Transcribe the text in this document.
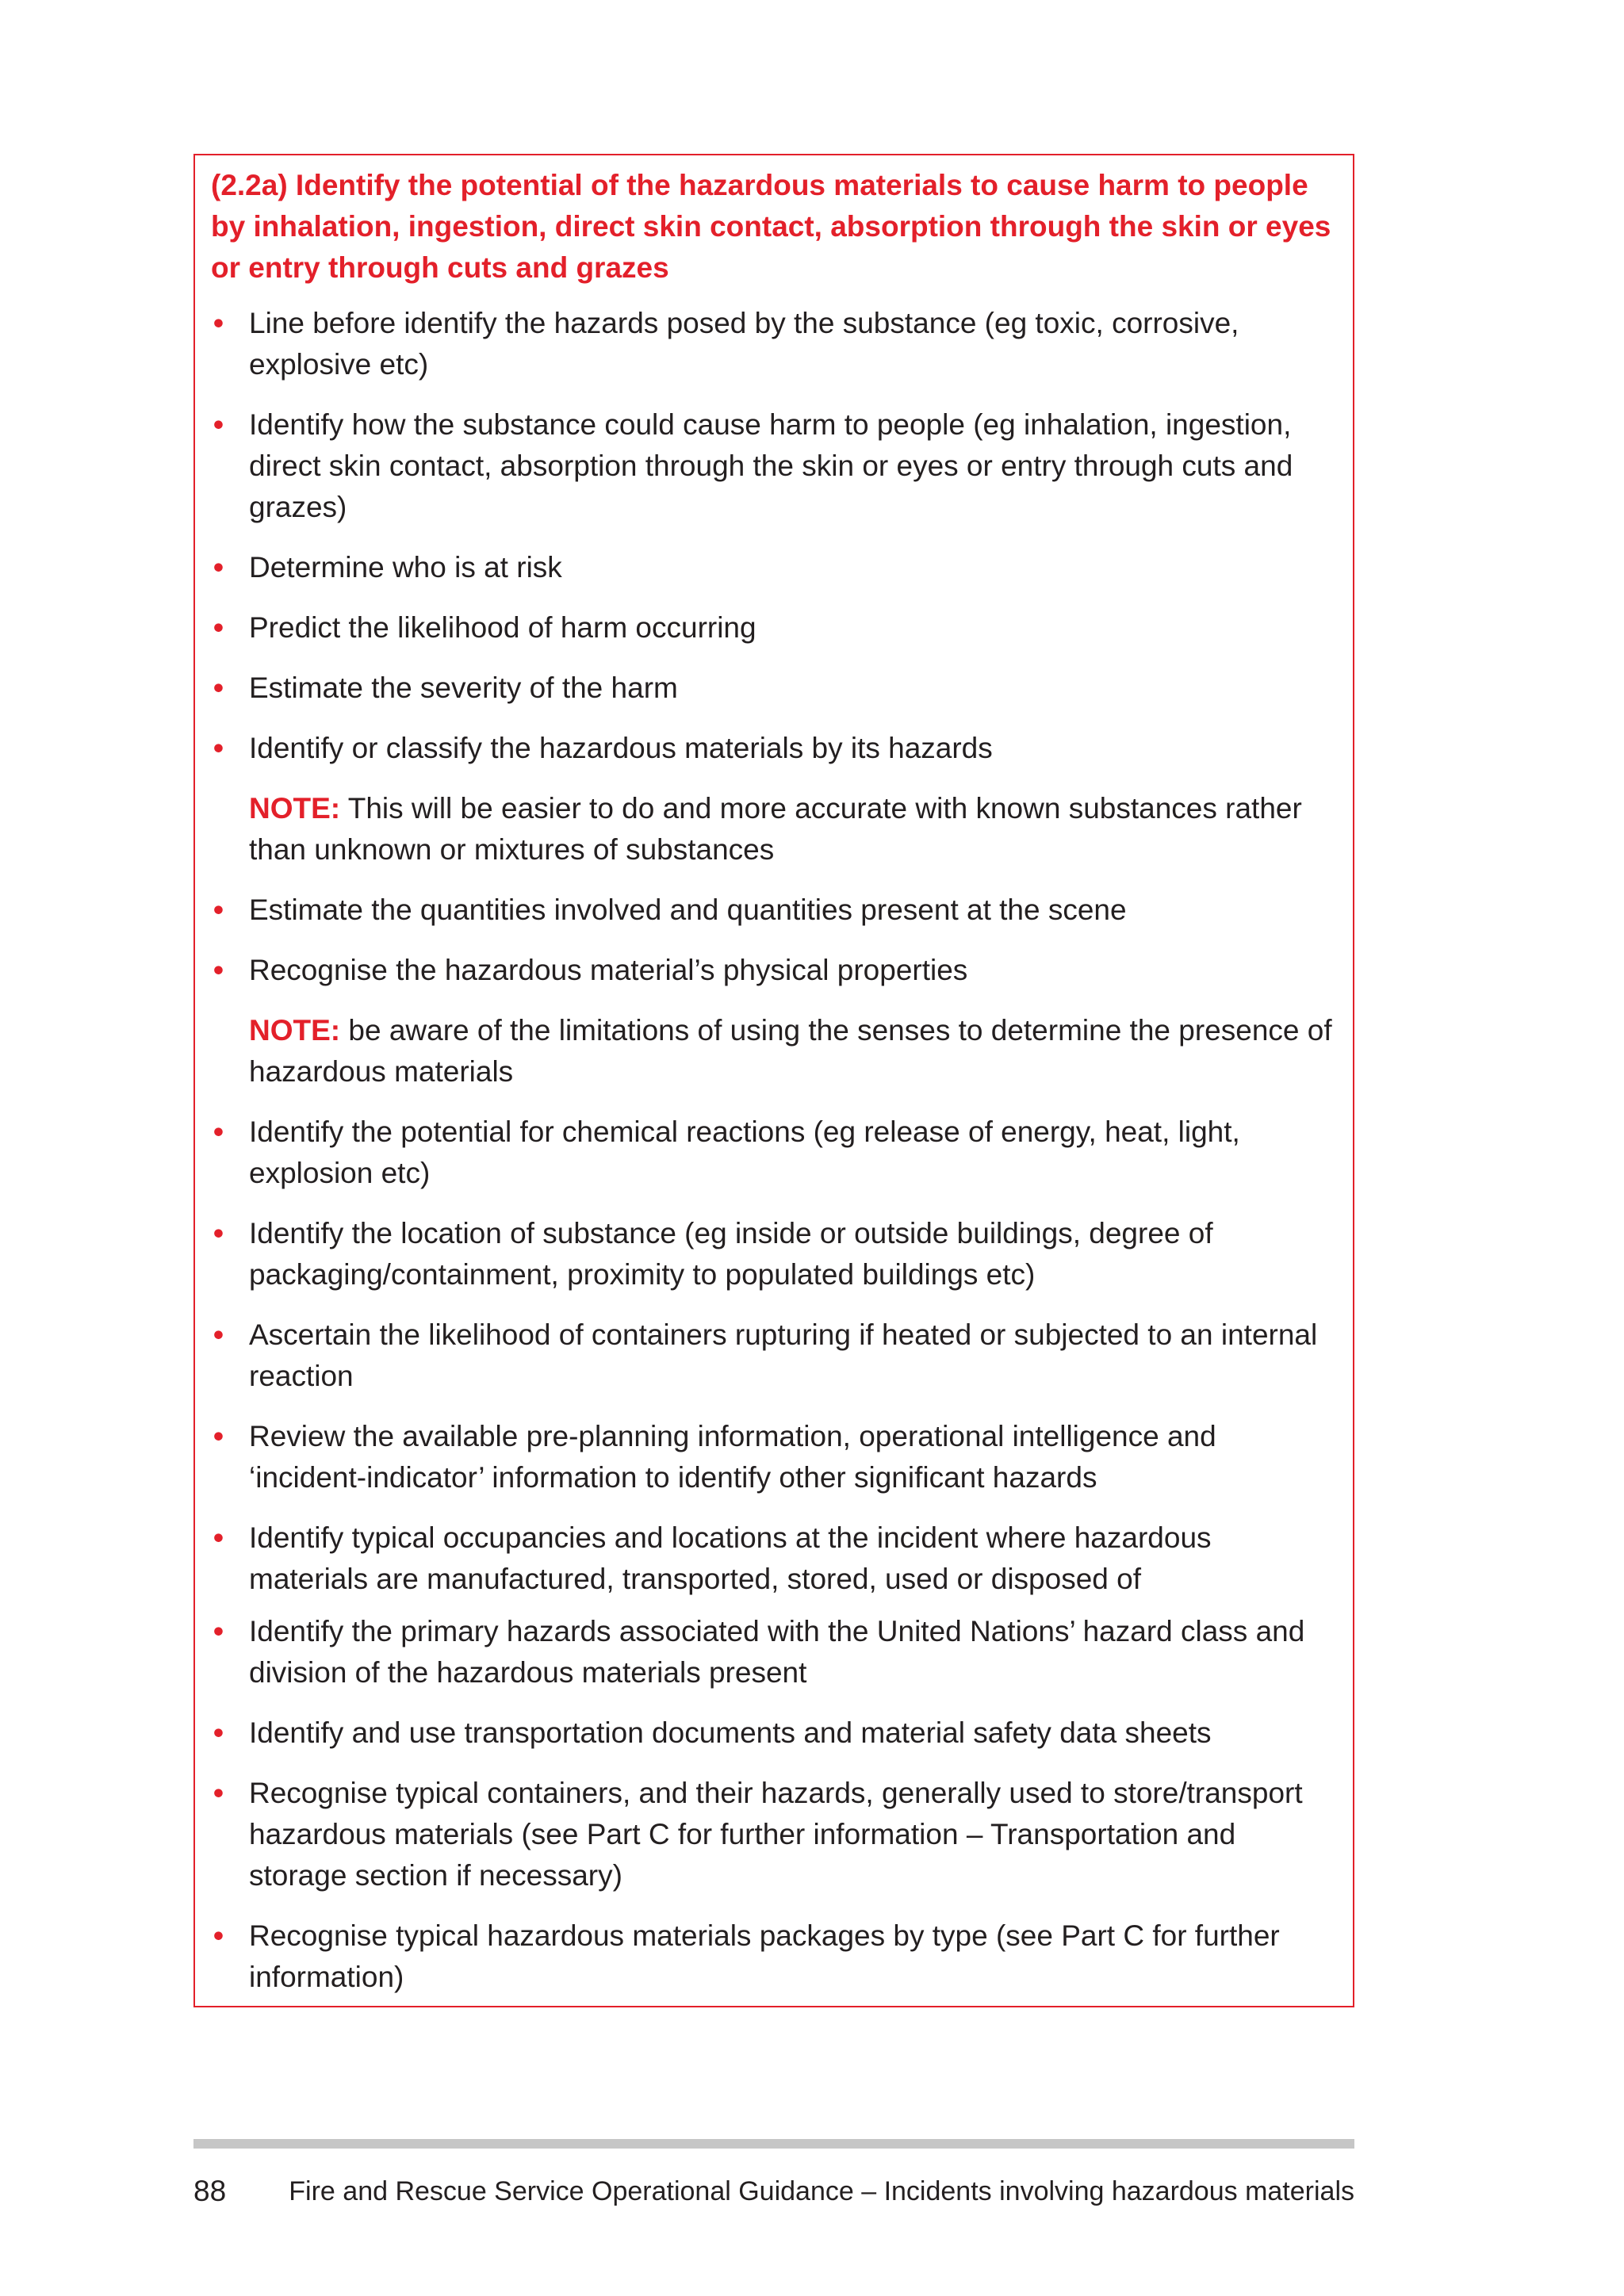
(2.2a) Identify the potential of the hazardous materials to cause harm to people by inhalation, ingestion, direct skin contact, absorption through the skin or eyes or entry through cuts and grazes
• Line before identify the hazards posed by the substance (eg toxic, corrosive, explosive etc)
• Identify how the substance could cause harm to people (eg inhalation, ingestion, direct skin contact, absorption through the skin or eyes or entry through cuts and grazes)
• Determine who is at risk
• Predict the likelihood of harm occurring
• Estimate the severity of the harm
• Identify or classify the hazardous materials by its hazards
NOTE: This will be easier to do and more accurate with known substances rather than unknown or mixtures of substances
• Estimate the quantities involved and quantities present at the scene
• Recognise the hazardous material’s physical properties
NOTE: be aware of the limitations of using the senses to determine the presence of hazardous materials
• Identify the potential for chemical reactions (eg release of energy, heat, light, explosion etc)
• Identify the location of substance (eg inside or outside buildings, degree of packaging/containment, proximity to populated buildings etc)
• Ascertain the likelihood of containers rupturing if heated or subjected to an internal reaction
• Review the available pre-planning information, operational intelligence and ‘incident-indicator’ information to identify other significant hazards
• Identify typical occupancies and locations at the incident where hazardous materials are manufactured, transported, stored, used or disposed of
• Identify the primary hazards associated with the United Nations’ hazard class and division of the hazardous materials present
• Identify and use transportation documents and material safety data sheets
• Recognise typical containers, and their hazards, generally used to store/transport hazardous materials (see Part C for further information – Transportation and storage section if necessary)
• Recognise typical hazardous materials packages by type (see Part C for further information)
88 Fire and Rescue Service Operational Guidance – Incidents involving hazardous materials
